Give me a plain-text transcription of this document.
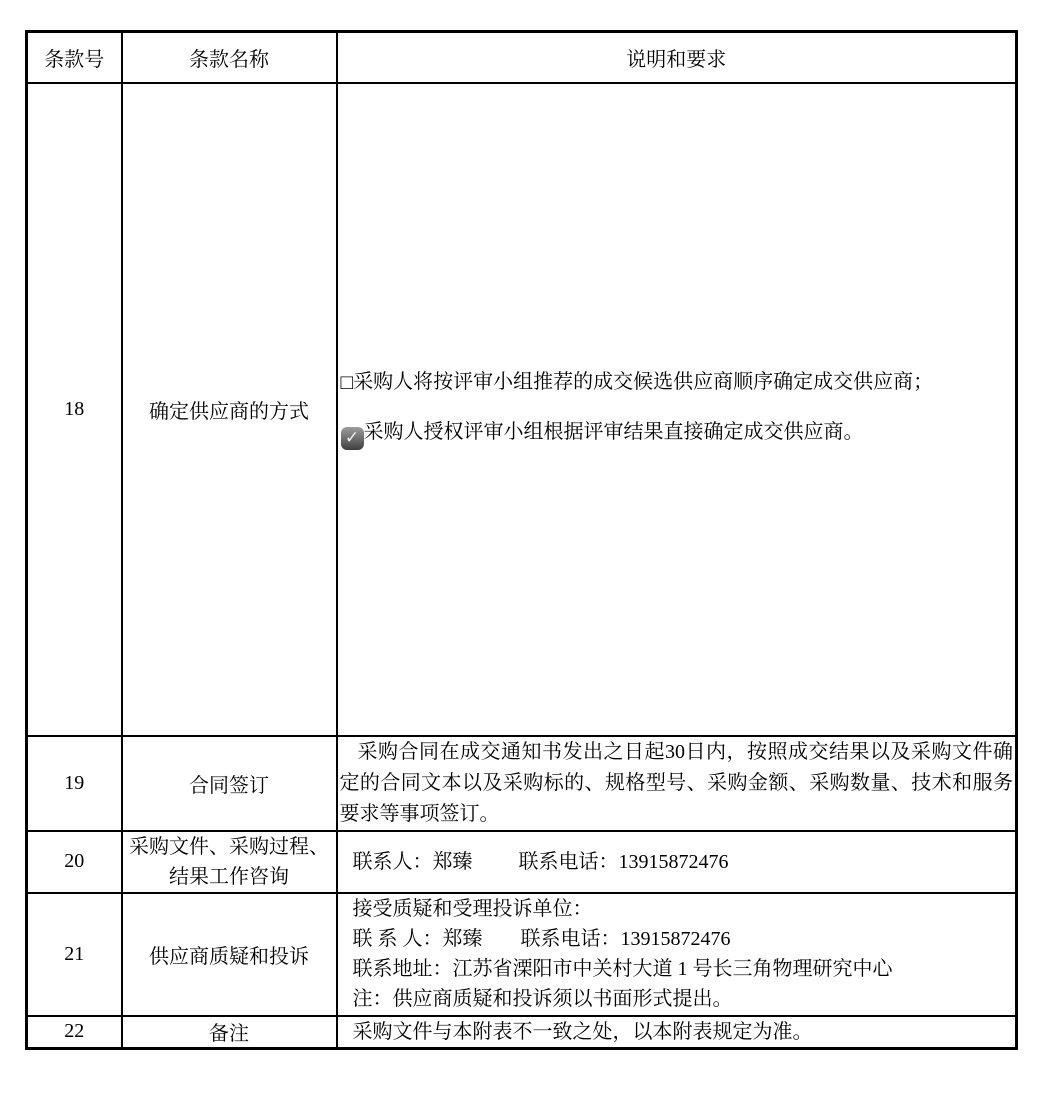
条款号	条款名称	说明和要求
18	确定供应商的方式	□采购人将按评审小组推荐的成交候选供应商顺序确定成交供应商；
✓ 采购人授权评审小组根据评审结果直接确定成交供应商。

19	合同签订	采购合同在成交通知书发出之日起30日内，按照成交结果以及采购文件确定的合同文本以及采购标的、规格型号、采购金额、采购数量、技术和服务要求等事项签订。

20	采购文件、采购过程、
结果工作咨询	联系人：郑臻 联系电话：13915872476

21	供应商质疑和投诉	接受质疑和受理投诉单位：
联 系 人：郑臻 联系电话：13915872476
联系地址：江苏省溧阳市中关村大道 1 号长三角物理研究中心
注：供应商质疑和投诉须以书面形式提出。

22	备注	采购文件与本附表不一致之处，以本附表规定为准。
